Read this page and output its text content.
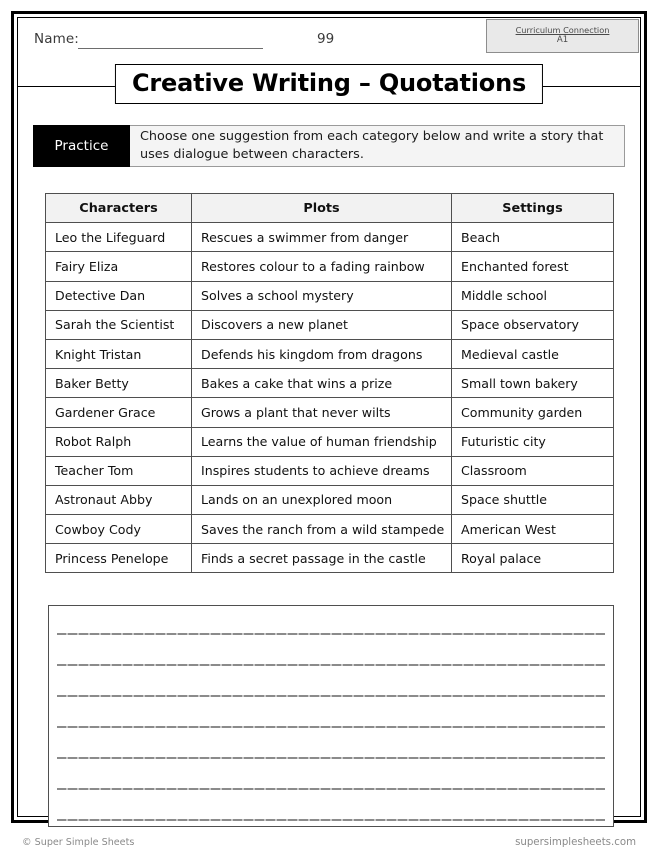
Name:	99
Curriculum Connection
A1
Creative Writing – Quotations
Practice
Choose one suggestion from each category below and write a story that uses dialogue between characters.
Characters	Plots	Settings
Leo the Lifeguard	Rescues a swimmer from danger	Beach
Fairy Eliza	Restores colour to a fading rainbow	Enchanted forest
Detective Dan	Solves a school mystery	Middle school
Sarah the Scientist	Discovers a new planet	Space observatory
Knight Tristan	Defends his kingdom from dragons	Medieval castle
Baker Betty	Bakes a cake that wins a prize	Small town bakery
Gardener Grace	Grows a plant that never wilts	Community garden
Robot Ralph	Learns the value of human friendship	Futuristic city
Teacher Tom	Inspires students to achieve dreams	Classroom
Astronaut Abby	Lands on an unexplored moon	Space shuttle
Cowboy Cody	Saves the ranch from a wild stampede	American West
Princess Penelope	Finds a secret passage in the castle	Royal palace
© Super Simple Sheets	supersimplesheets.com
